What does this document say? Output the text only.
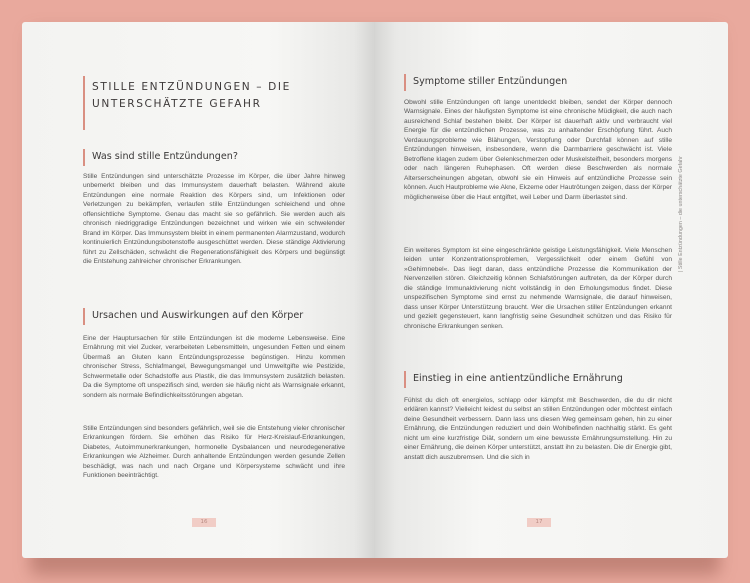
STILLE ENTZÜNDUNGEN – DIE UNTERSCHÄTZTE GEFAHR
Was sind stille Entzündungen?

Stille Entzündungen sind unterschätzte Prozesse im Körper, die über Jahre hinweg unbemerkt bleiben und das Immunsystem dauerhaft belasten. Während akute Entzündungen eine normale Reaktion des Körpers sind, um Infektionen oder Verletzungen zu bekämpfen, verlaufen stille Entzündungen schleichend und ohne offensichtliche Symptome. Genau das macht sie so gefährlich. Sie werden auch als chronisch niedriggradige Entzündungen bezeichnet und wirken wie ein schwelender Brand im Körper. Das Immunsystem bleibt in einem permanenten Alarmzustand, wodurch kontinuierlich Entzündungsbotenstoffe ausgeschüttet werden. Diese ständige Aktivierung führt zu Zellschäden, schwächt die Regenerationsfähigkeit des Körpers und begünstigt die Entstehung zahlreicher chronischer Erkrankungen.

Ursachen und Auswirkungen auf den Körper

Eine der Hauptursachen für stille Entzündungen ist die moderne Lebensweise. Eine Ernährung mit viel Zucker, verarbeiteten Lebensmitteln, ungesunden Fetten und einem Übermaß an Gluten kann Entzündungsprozesse begünstigen. Hinzu kommen chronischer Stress, Schlafmangel, Bewegungsmangel und Umweltgifte wie Pestizide, Schwermetalle oder Schadstoffe aus Plastik, die das Immunsystem zusätzlich belasten. Da die Symptome oft unspezifisch sind, werden sie häufig nicht als Warnsignale erkannt, sondern als normale Befindlichkeitsstörungen abgetan.

Stille Entzündungen sind besonders gefährlich, weil sie die Entstehung vieler chronischer Erkrankungen fördern. Sie erhöhen das Risiko für Herz-Kreislauf-Erkrankungen, Diabetes, Autoimmunerkrankungen, hormonelle Dysbalancen und neurodegenerative Erkrankungen wie Alzheimer. Durch anhaltende Entzündungen werden gesunde Zellen beschädigt, was nach und nach Organe und Körpersysteme schwächt und ihre Funktionen beeinträchtigt.

16
Symptome stiller Entzündungen

Obwohl stille Entzündungen oft lange unentdeckt bleiben, sendet der Körper dennoch Warnsignale. Eines der häufigsten Symptome ist eine chronische Müdigkeit, die auch nach ausreichend Schlaf bestehen bleibt. Der Körper ist dauerhaft aktiv und verbraucht viel Energie für die entzündlichen Prozesse, was zu anhaltender Erschöpfung führt. Auch Verdauungsprobleme wie Blähungen, Verstopfung oder Durchfall können auf stille Entzündungen hinweisen, insbesondere, wenn die Darmbarriere geschwächt ist. Viele Betroffene klagen zudem über Gelenkschmerzen oder Muskelsteifheit, besonders morgens oder nach längeren Ruhephasen. Oft werden diese Beschwerden als normale Alterserscheinungen abgetan, obwohl sie ein Hinweis auf entzündliche Prozesse sein können. Auch Hautprobleme wie Akne, Ekzeme oder Hautrötungen zeigen, dass der Körper möglicherweise über die Haut entgiftet, weil Leber und Darm überlastet sind.

Ein weiteres Symptom ist eine eingeschränkte geistige Leistungsfähigkeit. Viele Menschen leiden unter Konzentrationsproblemen, Vergesslichkeit oder einem Gefühl von »Gehirnnebel«. Das liegt daran, dass entzündliche Prozesse die Kommunikation der Nervenzellen stören. Gleichzeitig können Schlafstörungen auftreten, da der Körper durch die ständige Immunaktivierung nicht vollständig in den Erholungsmodus findet. Diese unspezifischen Symptome sind ernst zu nehmende Warnsignale, die darauf hinweisen, dass unser Körper Unterstützung braucht. Wer die Ursachen stiller Entzündungen erkannt und gezielt gegensteuert, kann langfristig seine Gesundheit schützen und das Risiko für chronische Erkrankungen senken.

Einstieg in eine antientzündliche Ernährung

Fühlst du dich oft energielos, schlapp oder kämpfst mit Beschwerden, die du dir nicht erklären kannst? Vielleicht leidest du selbst an stillen Entzündungen oder möchtest einfach deine Gesundheit verbessern. Dann lass uns diesen Weg gemeinsam gehen, hin zu einer Ernährung, die Entzündungen reduziert und dein Wohlbefinden nachhaltig stärkt. Es geht nicht um eine kurzfristige Diät, sondern um eine bewusste Ernährungsumstellung. Hin zu einer Ernährung, die deinen Körper unterstützt, anstatt ihn zu belasten. Die dir Energie gibt, anstatt dich auszubremsen. Und die sich in

17
| Stille Entzündungen – die unterschätzte Gefahr
